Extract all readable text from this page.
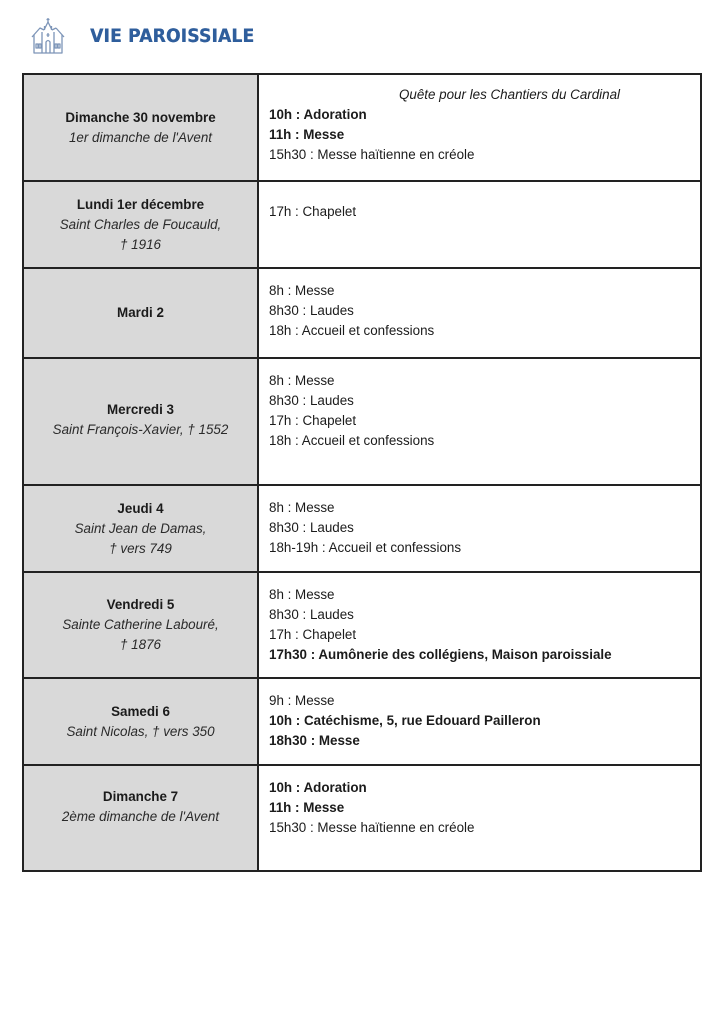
VIE PAROISSIALE
Dimanche 30 novembre
1er dimanche de l'Avent	Quête pour les Chantiers du Cardinal
10h : Adoration
11h : Messe
15h30 : Messe haïtienne en créole

Lundi 1er décembre
Saint Charles de Foucauld,
† 1916	17h : Chapelet

Mardi 2	8h : Messe
8h30 : Laudes
18h : Accueil et confessions

Mercredi 3
Saint François-Xavier, † 1552	8h : Messe
8h30 : Laudes
17h : Chapelet
18h : Accueil et confessions

Jeudi 4
Saint Jean de Damas,
† vers 749	8h : Messe
8h30 : Laudes
18h-19h : Accueil et confessions

Vendredi 5
Sainte Catherine Labouré,
† 1876	8h : Messe
8h30 : Laudes
17h : Chapelet
17h30 : Aumônerie des collégiens, Maison paroissiale

Samedi 6
Saint Nicolas, † vers 350	9h : Messe
10h : Catéchisme, 5, rue Edouard Pailleron
18h30 : Messe

Dimanche 7
2ème dimanche de l'Avent	10h : Adoration
11h : Messe
15h30 : Messe haïtienne en créole
